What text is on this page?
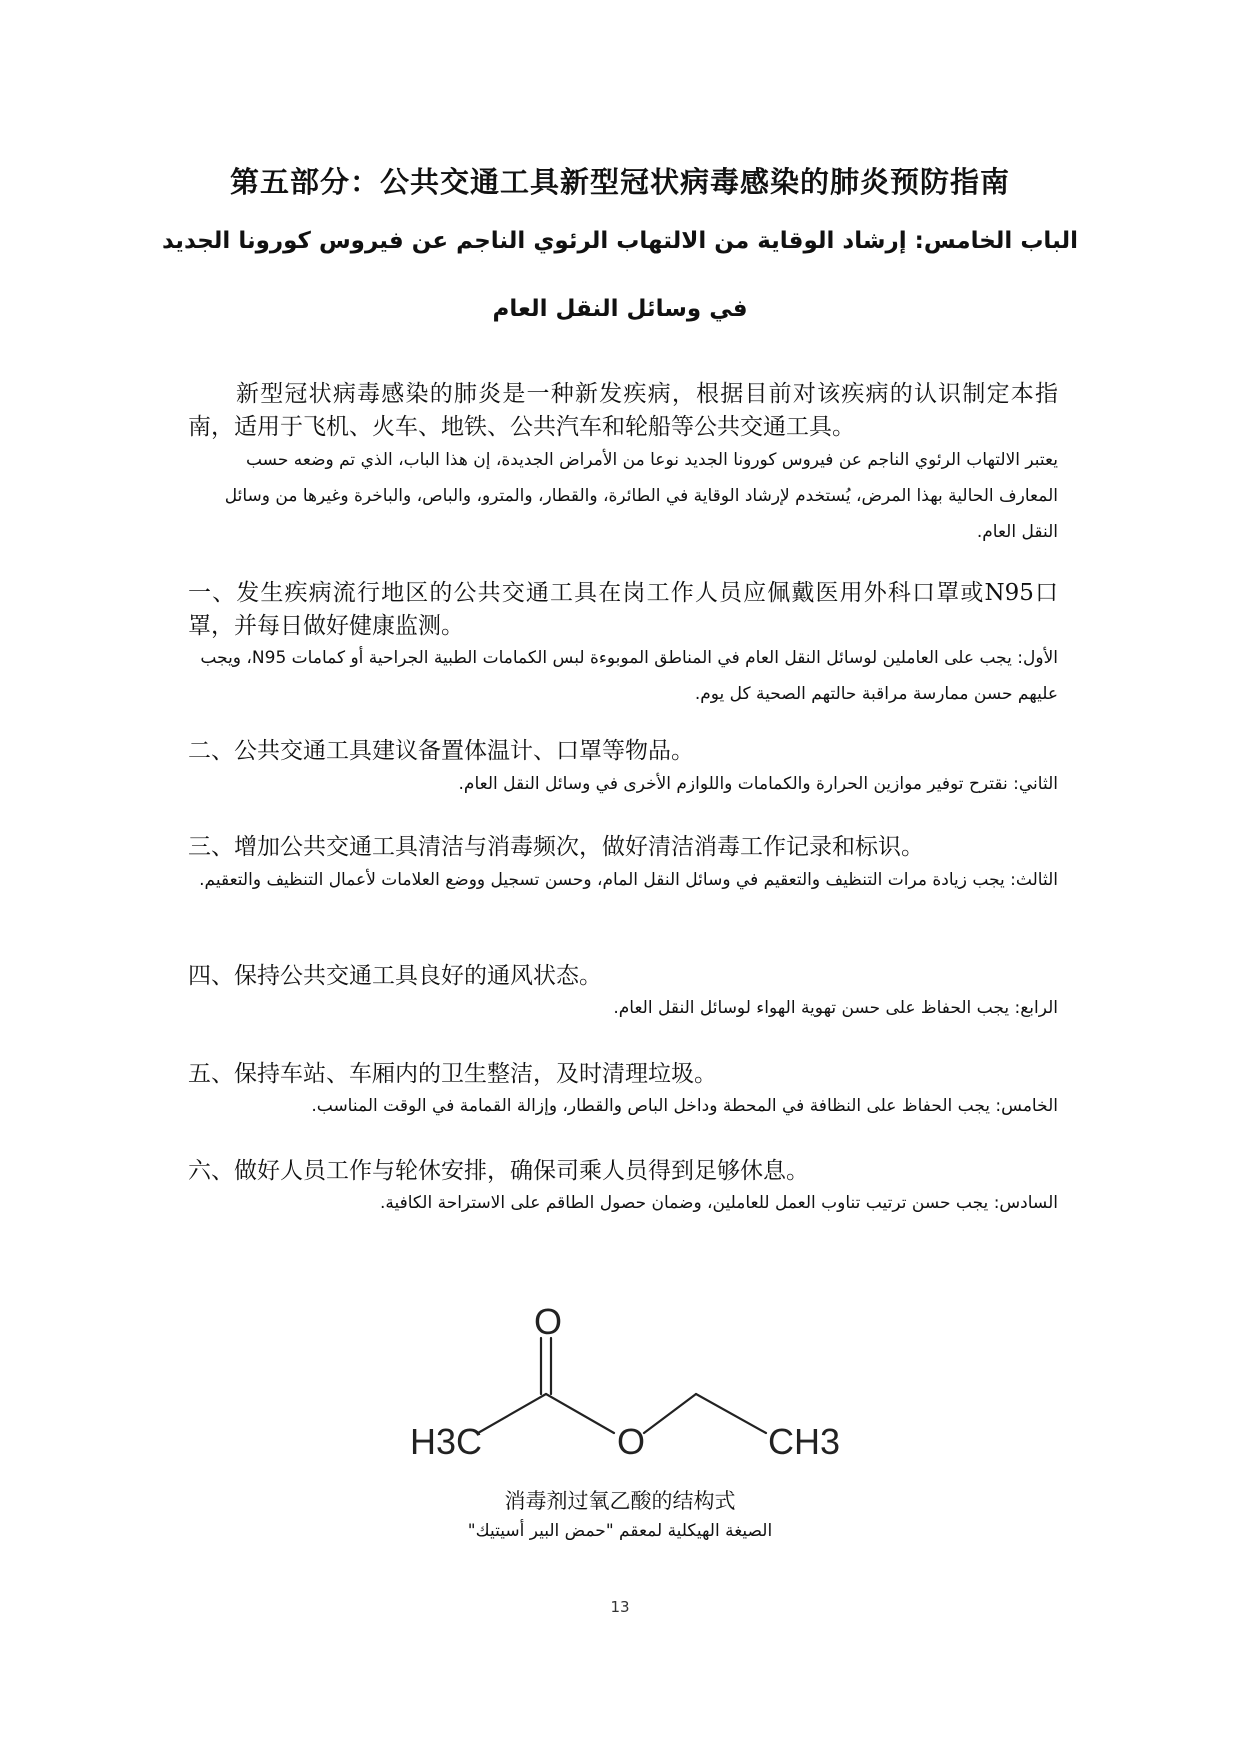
第五部分：公共交通工具新型冠状病毒感染的肺炎预防指南
الباب الخامس: إرشاد الوقاية من الالتهاب الرئوي الناجم عن فيروس كورونا الجديد
في وسائل النقل العام
新型冠状病毒感染的肺炎是一种新发疾病，根据目前对该疾病的认识制定本指南，适用于飞机、火车、地铁、公共汽车和轮船等公共交通工具。
يعتبر الالتهاب الرئوي الناجم عن فيروس كورونا الجديد نوعا من الأمراض الجديدة، إن هذا الباب، الذي تم وضعه حسب المعارف الحالية بهذا المرض، يُستخدم لإرشاد الوقاية في الطائرة، والقطار، والمترو، والباص، والباخرة وغيرها من وسائل النقل العام.
一、发生疾病流行地区的公共交通工具在岗工作人员应佩戴医用外科口罩或N95口罩，并每日做好健康监测。
الأول: يجب على العاملين لوسائل النقل العام في المناطق الموبوءة لبس الكمامات الطبية الجراحية أو كمامات N95، ويجب عليهم حسن ممارسة مراقبة حالتهم الصحية كل يوم.
二、公共交通工具建议备置体温计、口罩等物品。
الثاني: نقترح توفير موازين الحرارة والكمامات واللوازم الأخرى في وسائل النقل العام.
三、增加公共交通工具清洁与消毒频次，做好清洁消毒工作记录和标识。
الثالث: يجب زيادة مرات التنظيف والتعقيم في وسائل النقل المام، وحسن تسجيل ووضع العلامات لأعمال التنظيف والتعقيم.
四、保持公共交通工具良好的通风状态。
الرابع: يجب الحفاظ على حسن تهوية الهواء لوسائل النقل العام.
五、保持车站、车厢内的卫生整洁，及时清理垃圾。
الخامس: يجب الحفاظ على النظافة في المحطة وداخل الباص والقطار، وإزالة القمامة في الوقت المناسب.
六、做好人员工作与轮休安排，确保司乘人员得到足够休息。
السادس: يجب حسن ترتيب تناوب العمل للعاملين، وضمان حصول الطاقم على الاستراحة الكافية.
H3C
O
O	CH3
消毒剂过氧乙酸的结构式
الصيغة الهيكلية لمعقم "حمض البير أسيتيك"
13
